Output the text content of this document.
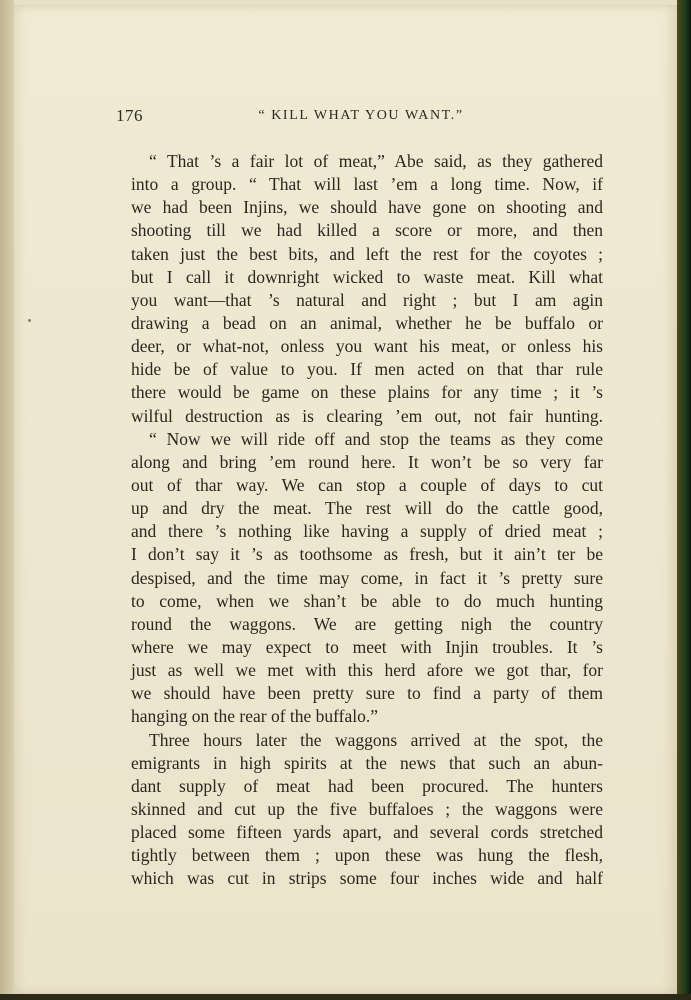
176	“ KILL WHAT YOU WANT.”
“ That ’s a fair lot of meat,” Abe said, as they gathered
into a group. “ That will last ’em a long time. Now, if
we had been Injins, we should have gone on shooting and
shooting till we had killed a score or more, and then
taken just the best bits, and left the rest for the coyotes ;
but I call it downright wicked to waste meat. Kill what
you want—that ’s natural and right ; but I am agin
drawing a bead on an animal, whether he be buffalo or
deer, or what-not, onless you want his meat, or onless his
hide be of value to you. If men acted on that thar rule
there would be game on these plains for any time ; it ’s
wilful destruction as is clearing ’em out, not fair hunting.
“ Now we will ride off and stop the teams as they come
along and bring ’em round here. It won’t be so very far
out of thar way. We can stop a couple of days to cut
up and dry the meat. The rest will do the cattle good,
and there ’s nothing like having a supply of dried meat ;
I don’t say it ’s as toothsome as fresh, but it ain’t ter be
despised, and the time may come, in fact it ’s pretty sure
to come, when we shan’t be able to do much hunting
round the waggons. We are getting nigh the country
where we may expect to meet with Injin troubles. It ’s
just as well we met with this herd afore we got thar, for
we should have been pretty sure to find a party of them
hanging on the rear of the buffalo.”
Three hours later the waggons arrived at the spot, the
emigrants in high spirits at the news that such an abun-
dant supply of meat had been procured. The hunters
skinned and cut up the five buffaloes ; the waggons were
placed some fifteen yards apart, and several cords stretched
tightly between them ; upon these was hung the flesh,
which was cut in strips some four inches wide and half
